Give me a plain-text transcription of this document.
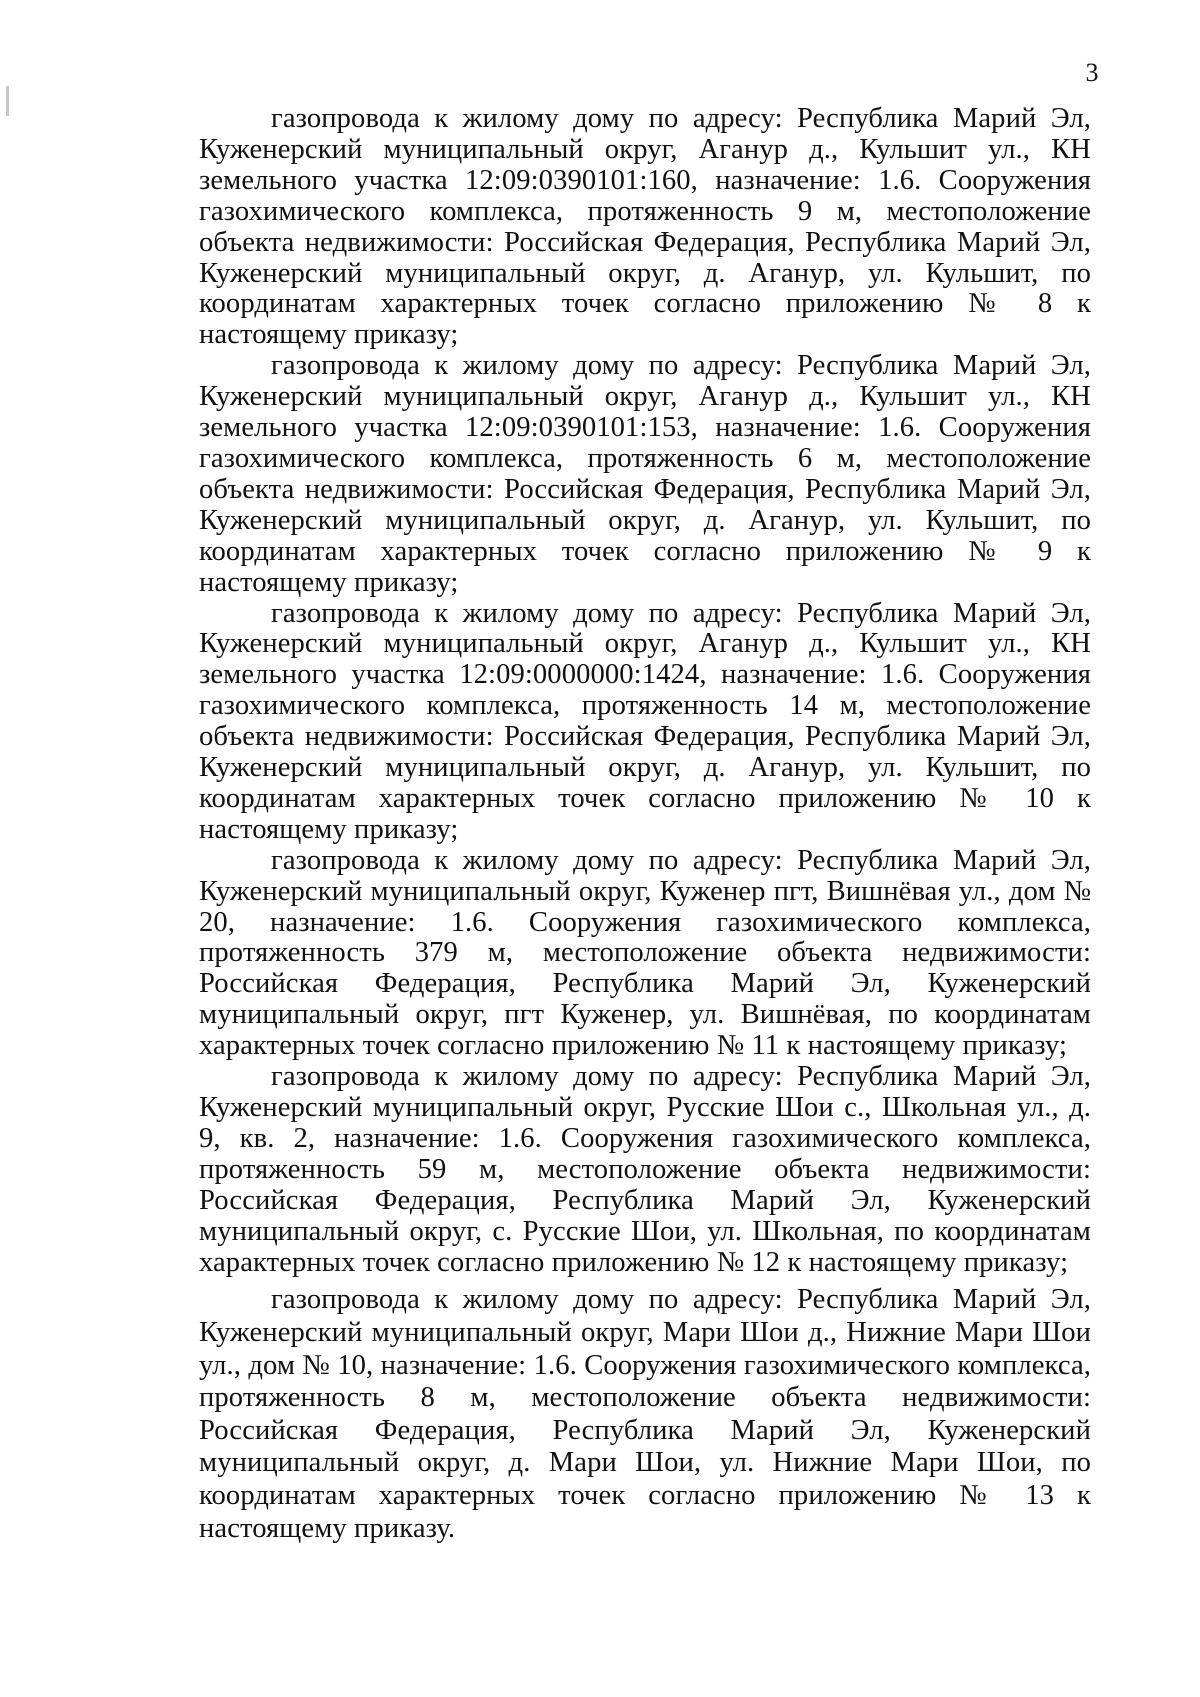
3

газопровода к жилому дому по адресу: Республика Марий Эл, Куженерский муниципальный округ, Аганур д., Кульшит ул., КН земельного участка 12:09:0390101:160, назначение: 1.6. Сооружения газохимического комплекса, протяженность 9 м, местоположение объекта недвижимости: Российская Федерация, Республика Марий Эл, Куженерский муниципальный округ, д. Аганур, ул. Кульшит, по координатам характерных точек согласно приложению № 8 к настоящему приказу;

газопровода к жилому дому по адресу: Республика Марий Эл, Куженерский муниципальный округ, Аганур д., Кульшит ул., КН земельного участка 12:09:0390101:153, назначение: 1.6. Сооружения газохимического комплекса, протяженность 6 м, местоположение объекта недвижимости: Российская Федерация, Республика Марий Эл, Куженерский муниципальный округ, д. Аганур, ул. Кульшит, по координатам характерных точек согласно приложению № 9 к настоящему приказу;

газопровода к жилому дому по адресу: Республика Марий Эл, Куженерский муниципальный округ, Аганур д., Кульшит ул., КН земельного участка 12:09:0000000:1424, назначение: 1.6. Сооружения газохимического комплекса, протяженность 14 м, местоположение объекта недвижимости: Российская Федерация, Республика Марий Эл, Куженерский муниципальный округ, д. Аганур, ул. Кульшит, по координатам характерных точек согласно приложению № 10 к настоящему приказу;

газопровода к жилому дому по адресу: Республика Марий Эл, Куженерский муниципальный округ, Куженер пгт, Вишнёвая ул., дом № 20, назначение: 1.6. Сооружения газохимического комплекса, протяженность 379 м, местоположение объекта недвижимости: Российская Федерация, Республика Марий Эл, Куженерский муниципальный округ, пгт Куженер, ул. Вишнёвая, по координатам характерных точек согласно приложению № 11 к настоящему приказу;

газопровода к жилому дому по адресу: Республика Марий Эл, Куженерский муниципальный округ, Русские Шои с., Школьная ул., д. 9, кв. 2, назначение: 1.6. Сооружения газохимического комплекса, протяженность 59 м, местоположение объекта недвижимости: Российская Федерация, Республика Марий Эл, Куженерский муниципальный округ, с. Русские Шои, ул. Школьная, по координатам характерных точек согласно приложению № 12 к настоящему приказу;

газопровода к жилому дому по адресу: Республика Марий Эл, Куженерский муниципальный округ, Мари Шои д., Нижние Мари Шои ул., дом № 10, назначение: 1.6. Сооружения газохимического комплекса, протяженность 8 м, местоположение объекта недвижимости: Российская Федерация, Республика Марий Эл, Куженерский муниципальный округ, д. Мари Шои, ул. Нижние Мари Шои, по координатам характерных точек согласно приложению № 13 к настоящему приказу.
